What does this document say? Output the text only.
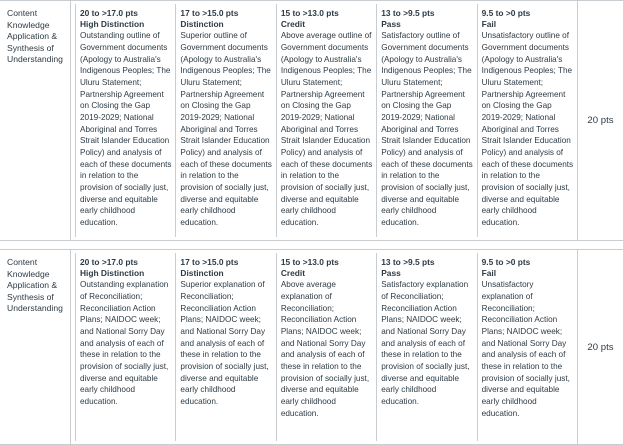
Content Knowledge Application & Synthesis of Understanding
20 to >17.0 pts
High Distinction
Outstanding outline of Government documents (Apology to Australia's Indigenous Peoples; The Uluru Statement; Partnership Agreement on Closing the Gap 2019-2029; National Aboriginal and Torres Strait Islander Education Policy) and analysis of each of these documents in relation to the provision of socially just, diverse and equitable early childhood education.
17 to >15.0 pts
Distinction
Superior outline of Government documents (Apology to Australia's Indigenous Peoples; The Uluru Statement; Partnership Agreement on Closing the Gap 2019-2029; National Aboriginal and Torres Strait Islander Education Policy) and analysis of each of these documents in relation to the provision of socially just, diverse and equitable early childhood education.
15 to >13.0 pts
Credit
Above average outline of Government documents (Apology to Australia's Indigenous Peoples; The Uluru Statement; Partnership Agreement on Closing the Gap 2019-2029; National Aboriginal and Torres Strait Islander Education Policy) and analysis of each of these documents in relation to the provision of socially just, diverse and equitable early childhood education.
13 to >9.5 pts
Pass
Satisfactory outline of Government documents (Apology to Australia's Indigenous Peoples; The Uluru Statement; Partnership Agreement on Closing the Gap 2019-2029; National Aboriginal and Torres Strait Islander Education Policy) and analysis of each of these documents in relation to the provision of socially just, diverse and equitable early childhood education.
9.5 to >0 pts
Fail
Unsatisfactory outline of Government documents (Apology to Australia's Indigenous Peoples; The Uluru Statement; Partnership Agreement on Closing the Gap 2019-2029; National Aboriginal and Torres Strait Islander Education Policy) and analysis of each of these documents in relation to the provision of socially just, diverse and equitable early childhood education.
20 pts
Content Knowledge Application & Synthesis of Understanding
20 to >17.0 pts
High Distinction
Outstanding explanation of Reconciliation; Reconciliation Action Plans; NAIDOC week; and National Sorry Day and analysis of each of these in relation to the provision of socially just, diverse and equitable early childhood education.
17 to >15.0 pts
Distinction
Superior explanation of Reconciliation; Reconciliation Action Plans; NAIDOC week; and National Sorry Day and analysis of each of these in relation to the provision of socially just, diverse and equitable early childhood education.
15 to >13.0 pts
Credit
Above average explanation of Reconciliation; Reconciliation Action Plans; NAIDOC week; and National Sorry Day and analysis of each of these in relation to the provision of socially just, diverse and equitable early childhood education.
13 to >9.5 pts
Pass
Satisfactory explanation of Reconciliation; Reconciliation Action Plans; NAIDOC week; and National Sorry Day and analysis of each of these in relation to the provision of socially just, diverse and equitable early childhood education.
9.5 to >0 pts
Fail
Unsatisfactory explanation of Reconciliation; Reconciliation Action Plans; NAIDOC week; and National Sorry Day and analysis of each of these in relation to the provision of socially just, diverse and equitable early childhood education.
20 pts
